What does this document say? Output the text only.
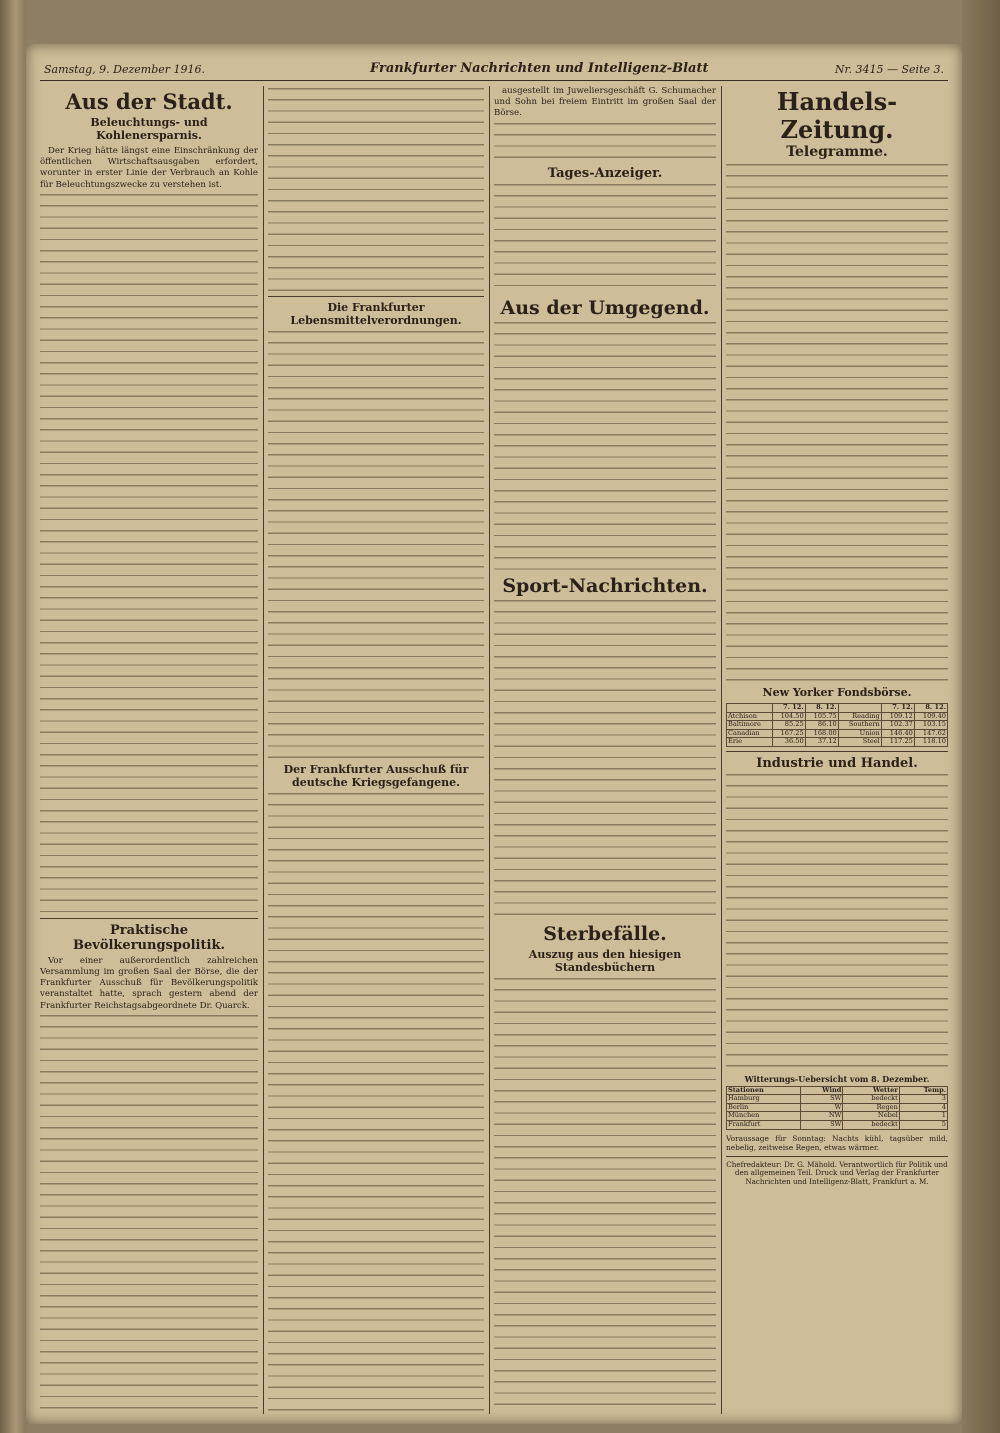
Samstag, 9. Dezember 1916.	Frankfurter Nachrichten und Intelligenz-Blatt	Nr. 3415 — Seite 3.
Aus der Stadt.
Beleuchtungs- und Kohlenersparnis.

Der Krieg hätte längst eine Einschränkung der öffentlichen Wirtschaftsausgaben erfordert, worunter in erster Linie der Verbrauch an Kohle für Beleuchtungszwecke zu verstehen ist.

Praktische Bevölkerungspolitik.

Vor einer außerordentlich zahlreichen Versammlung im großen Saal der Börse, die der Frankfurter Ausschuß für Bevölkerungspolitik veranstaltet hatte, sprach gestern abend der Frankfurter Reichstagsabgeordnete Dr. Quarck.

Die Frankfurter Lebensmittelverordnungen.
Der Frankfurter Ausschuß für deutsche Kriegsgefangene.

ausgestellt im Juweliersgeschäft G. Schumacher und Sohn bei freiem Eintritt im großen Saal der Börse.

Tages-Anzeiger.
Aus der Umgegend.
Sport-Nachrichten.
Sterbefälle.
Auszug aus den hiesigen Standesbüchern
Handels-Zeitung.
Telegramme.
New Yorker Fondsbörse.
	7. 12.	8. 12.		7. 12.	8. 12.
Atchison	104.50	105.75	Reading	109.12	109.40
Baltimore	85.25	86.10	Southern	102.37	103.15
Canadian	167.25	168.00	Union	146.40	147.62
Erie	36.50	37.12	Steel	117.25	118.10
Industrie und Handel.
Witterungs-Uebersicht vom 8. Dezember.
Stationen	Wind	Wetter	Temp.
Hamburg	SW	bedeckt	3
Berlin	W	Regen	4
München	NW	Nebel	1
Frankfurt	SW	bedeckt	5

Voraussage für Sonntag: Nachts kühl, tagsüber mild, nebelig, zeitweise Regen, etwas wärmer.

Chefredakteur: Dr. G. Mähold. Verantwortlich für Politik und den allgemeinen Teil. Druck und Verlag der Frankfurter Nachrichten und Intelligenz-Blatt, Frankfurt a. M.
